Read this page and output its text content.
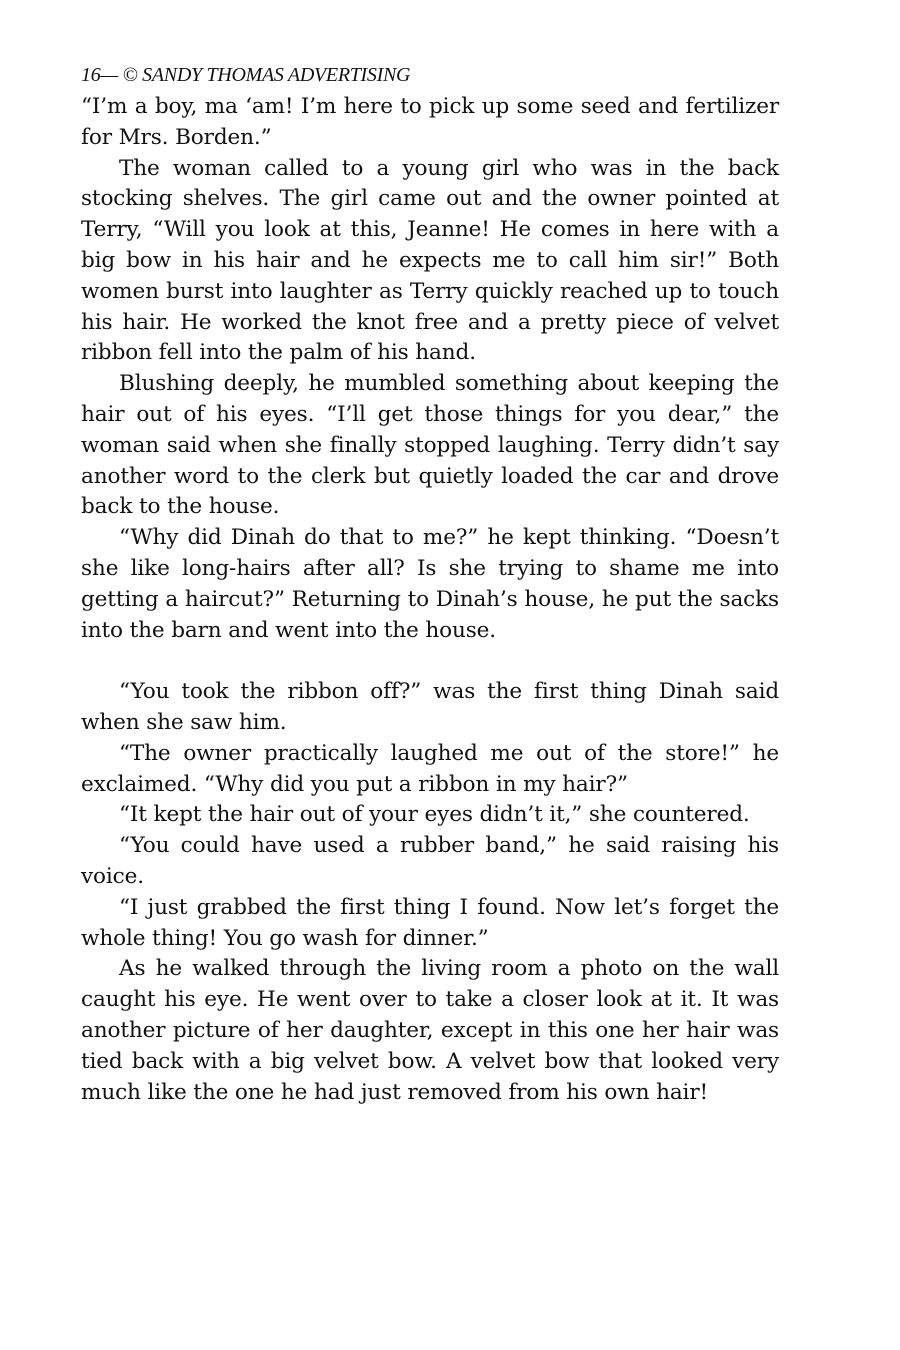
16— © SANDY THOMAS ADVERTISING

“I’m a boy, ma ‘am! I’m here to pick up some seed and fertilizer for Mrs. Borden.”

The woman called to a young girl who was in the back stocking shelves. The girl came out and the owner pointed at Terry, “Will you look at this, Jeanne! He comes in here with a big bow in his hair and he expects me to call him sir!” Both women burst into laughter as Terry quickly reached up to touch his hair. He worked the knot free and a pretty piece of velvet ribbon fell into the palm of his hand.

Blushing deeply, he mumbled something about keeping the hair out of his eyes. “I’ll get those things for you dear,” the woman said when she finally stopped laughing. Terry didn’t say another word to the clerk but quietly loaded the car and drove back to the house.

“Why did Dinah do that to me?” he kept thinking. “Doesn’t she like long-hairs after all? Is she trying to shame me into getting a haircut?” Returning to Dinah’s house, he put the sacks into the barn and went into the house.

“You took the ribbon off?” was the first thing Dinah said when she saw him.

“The owner practically laughed me out of the store!” he exclaimed. “Why did you put a ribbon in my hair?”

“It kept the hair out of your eyes didn’t it,” she countered.

“You could have used a rubber band,” he said raising his voice.

“I just grabbed the first thing I found. Now let’s forget the whole thing! You go wash for dinner.”

As he walked through the living room a photo on the wall caught his eye. He went over to take a closer look at it. It was another picture of her daughter, except in this one her hair was tied back with a big velvet bow. A velvet bow that looked very much like the one he had just removed from his own hair!
